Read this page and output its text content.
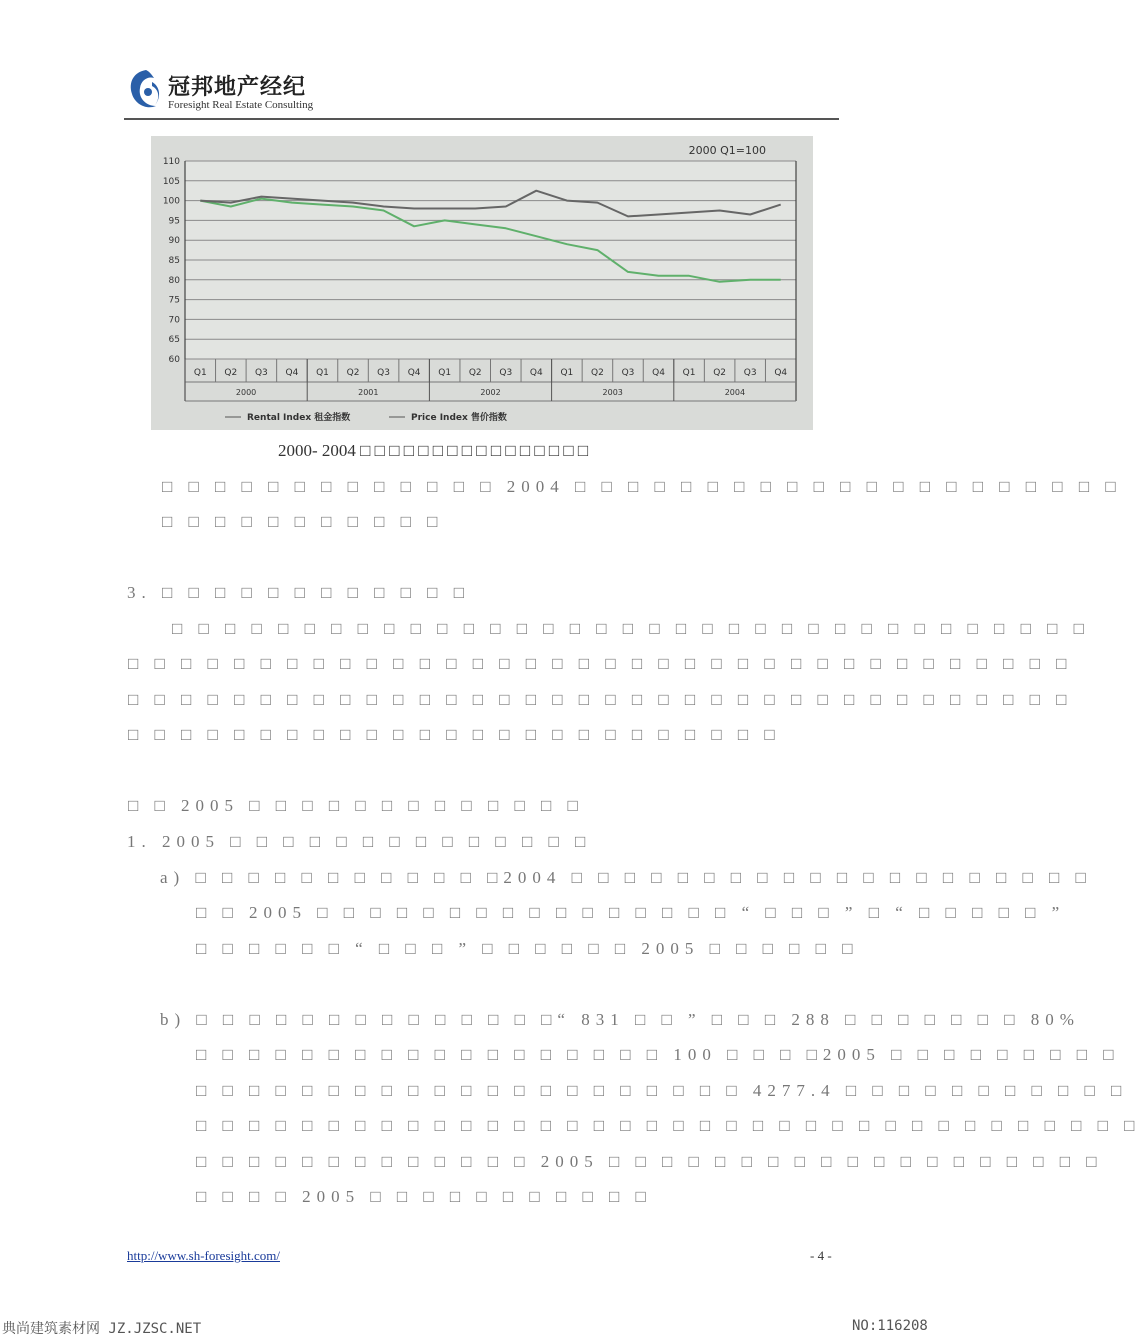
冠邦地产经纪
Foresight Real Estate Consulting
60
65
70
75
80
85
90
95
100
105
110
Q1 Q2 Q3 Q4 Q1 Q2 Q3 Q4 Q1 Q2 Q3 Q4 Q1 Q2 Q3 Q4 Q1 Q2 Q3 Q4
2000	2001	2002	2003	2004
2000 Q1=100
Rental Index 租金指数	Price Index 售价指数
2000- 2004 □ □ □ □ □ □ □ □ □ □ □ □ □ □ □ □
□ □ □ □ □ □ □ □ □ □ □ □ □ 2004 □ □ □ □ □ □ □ □ □ □ □ □ □ □ □ □ □ □ □ □ □
□ □ □ □ □ □ □ □ □ □ □
3. □ □ □ □ □ □ □ □ □ □ □ □
□ □ □ □ □ □ □ □ □ □ □ □ □ □ □ □ □ □ □ □ □ □ □ □ □ □ □ □ □ □ □ □ □ □ □
□ □ □ □ □ □ □ □ □ □ □ □ □ □ □ □ □ □ □ □ □ □ □ □ □ □ □ □ □ □ □ □ □ □ □ □
□ □ □ □ □ □ □ □ □ □ □ □ □ □ □ □ □ □ □ □ □ □ □ □ □ □ □ □ □ □ □ □ □ □ □ □
□ □ □ □ □ □ □ □ □ □ □ □ □ □ □ □ □ □ □ □ □ □ □ □ □
□ □ 2005 □ □ □ □ □ □ □ □ □ □ □ □ □
1. 2005 □ □ □ □ □ □ □ □ □ □ □ □ □ □
a) □ □ □ □ □ □ □ □ □ □ □ □2004 □ □ □ □ □ □ □ □ □ □ □ □ □ □ □ □ □ □ □ □
□ □ 2005 □ □ □ □ □ □ □ □ □ □ □ □ □ □ □ □ “ □ □ □ ” □ “ □ □ □ □ □ ”
□ □ □ □ □ □ “ □ □ □ ” □ □ □ □ □ □ 2005 □ □ □ □ □ □
b) □ □ □ □ □ □ □ □ □ □ □ □ □ □“ 831 □ □ ” □ □ □ 288 □ □ □ □ □ □ □ 80%
□ □ □ □ □ □ □ □ □ □ □ □ □ □ □ □ □ □ 100 □ □ □ □2005 □ □ □ □ □ □ □ □ □
□ □ □ □ □ □ □ □ □ □ □ □ □ □ □ □ □ □ □ □ □ 4277.4 □ □ □ □ □ □ □ □ □ □ □
□ □ □ □ □ □ □ □ □ □ □ □ □ □ □ □ □ □ □ □ □ □ □ □ □ □ □ □ □ □ □ □ □ □ □ □
□ □ □ □ □ □ □ □ □ □ □ □ □ 2005 □ □ □ □ □ □ □ □ □ □ □ □ □ □ □ □ □ □ □
□ □ □ □ 2005 □ □ □ □ □ □ □ □ □ □ □
http://www.sh-foresight.com/	- 4 -
典尚建筑素材网 JZ.JZSC.NET	NO:116208
